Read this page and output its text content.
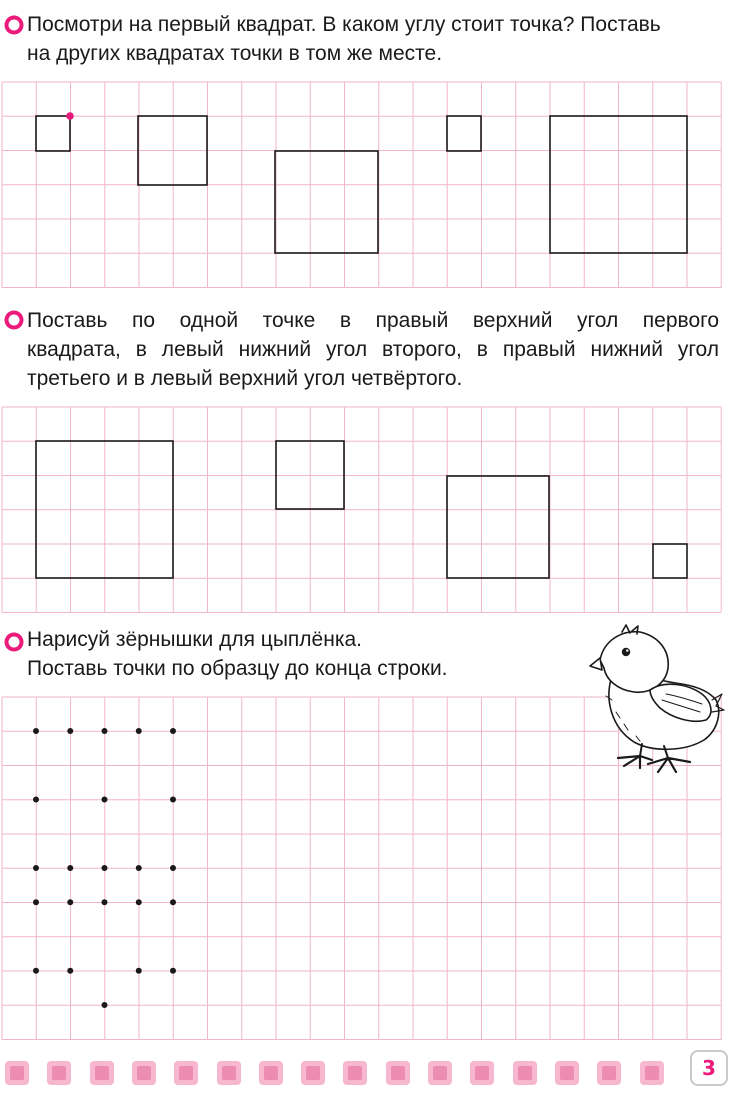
Посмотри на первый квадрат. В каком углу стоит точка? Поставь
на других квадратах точки в том же месте.
Поставь по одной точке в правый верхний угол первого
квадрата, в левый нижний угол второго, в правый нижний угол
третьего и в левый верхний угол четвёртого.
Нарисуй зёрнышки для цыплёнка.
Поставь точки по образцу до конца строки.
3
